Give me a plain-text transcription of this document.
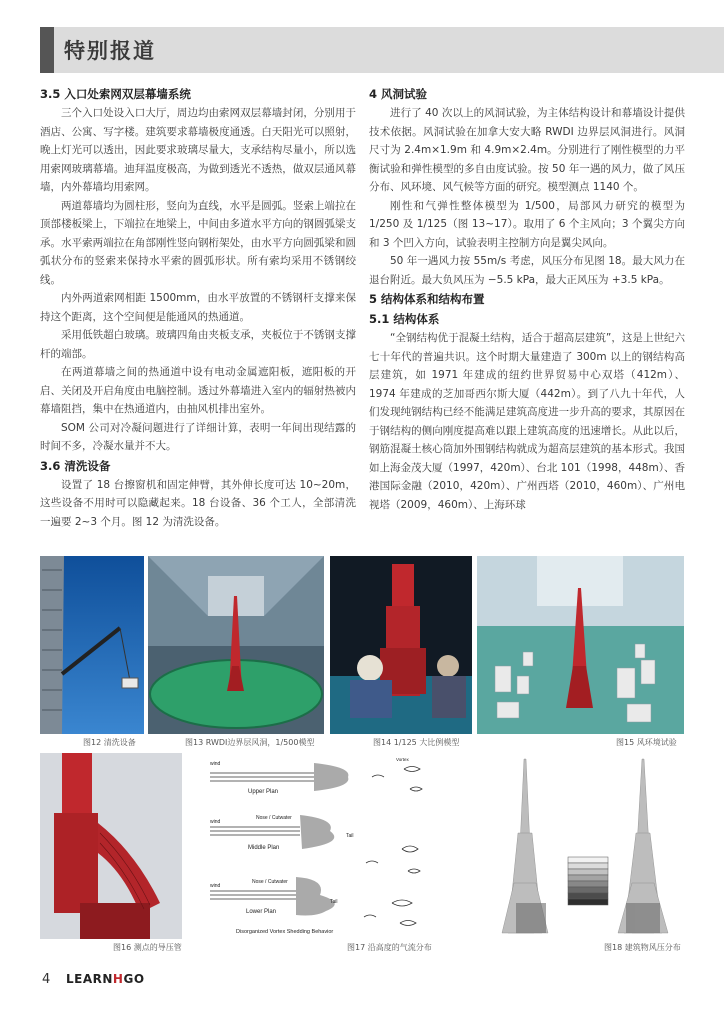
特别报道
3.5 入口处索网双层幕墙系统

三个入口处设入口大厅，周边均由索网双层幕墙封闭，分别用于酒店、公寓、写字楼。建筑要求幕墙极度通透。白天阳光可以照射，晚上灯光可以透出，因此要求玻璃尽量大，支承结构尽量小，所以选用索网玻璃幕墙。迪拜温度极高，为做到透光不透热，做双层通风幕墙，内外幕墙均用索网。

两道幕墙均为圆柱形，竖向为直线，水平是圆弧。竖索上端拉在顶部楼板梁上，下端拉在地梁上，中间由多道水平方向的钢圆弧梁支承。水平索两端拉在角部刚性竖向钢桁架处，由水平方向圆弧梁和圆弧状分布的竖索来保持水平索的圆弧形状。所有索均采用不锈钢绞线。

内外两道索网相距 1500mm，由水平放置的不锈钢杆支撑来保持这个距离，这个空间便是能通风的热通道。

采用低铁超白玻璃。玻璃四角由夹板支承，夹板位于不锈钢支撑杆的端部。

在两道幕墙之间的热通道中设有电动金属遮阳板，遮阳板的开启、关闭及开启角度由电脑控制。透过外幕墙进入室内的辐射热被内幕墙阻挡，集中在热通道内，由抽风机排出室外。

SOM 公司对冷凝问题进行了详细计算，表明一年间出现结露的时间不多，冷凝水量并不大。

3.6 清洗设备

设置了 18 台擦窗机和固定伸臂，其外伸长度可达 10~20m，这些设备不用时可以隐藏起来。18 台设备、36 个工人，全部清洗一遍要 2~3 个月。图 12 为清洗设备。

4 风洞试验

进行了 40 次以上的风洞试验，为主体结构设计和幕墙设计提供技术依据。风洞试验在加拿大安大略 RWDI 边界层风洞进行。风洞尺寸为 2.4m×1.9m 和 4.9m×2.4m。分别进行了刚性模型的力平衡试验和弹性模型的多自由度试验。按 50 年一遇的风力，做了风压分布、风环境、风气候等方面的研究。模型测点 1140 个。

刚性和气弹性整体模型为 1/500，局部风力研究的模型为 1/250 及 1/125（图 13~17）。取用了 6 个主风向；3 个翼尖方向和 3 个凹入方向，试验表明主控制方向是翼尖风向。

50 年一遇风力按 55m/s 考虑，风压分布见图 18。最大风力在退台附近。最大负风压为 −5.5 kPa，最大正风压为 +3.5 kPa。

5 结构体系和结构布置
5.1 结构体系

“全钢结构优于混凝土结构，适合于超高层建筑”，这是上世纪六七十年代的普遍共识。这个时期大量建造了 300m 以上的钢结构高层建筑，如 1971 年建成的纽约世界贸易中心双塔（412m）、1974 年建成的芝加哥西尔斯大厦（442m）。到了八九十年代，人们发现纯钢结构已经不能满足建筑高度进一步升高的要求，其原因在于钢结构的侧向刚度提高难以跟上建筑高度的迅速增长。从此以后，钢筋混凝土核心筒加外围钢结构就成为超高层建筑的基本形式。我国如上海金茂大厦（1997，420m）、台北 101（1998，448m）、香港国际金融（2010，420m）、广州西塔（2010，460m）、广州电视塔（2009，460m）、上海环球

wind
Upper Plan
Nose / Cutwater
Tail
Middle Plan
wind
Nose / Cutwater
wind
Tail
Lower Plan
Disorganized Vortex Shedding Behavior
Vortex
图12 清洗设备	图13 RWDI边界层风洞，1/500模型	图14 1/125 大比例模型	图15 风环境试验
图16 测点的导压管	图17 沿高度的气流分布	图18 建筑物风压分布
4 LEARNHGO
